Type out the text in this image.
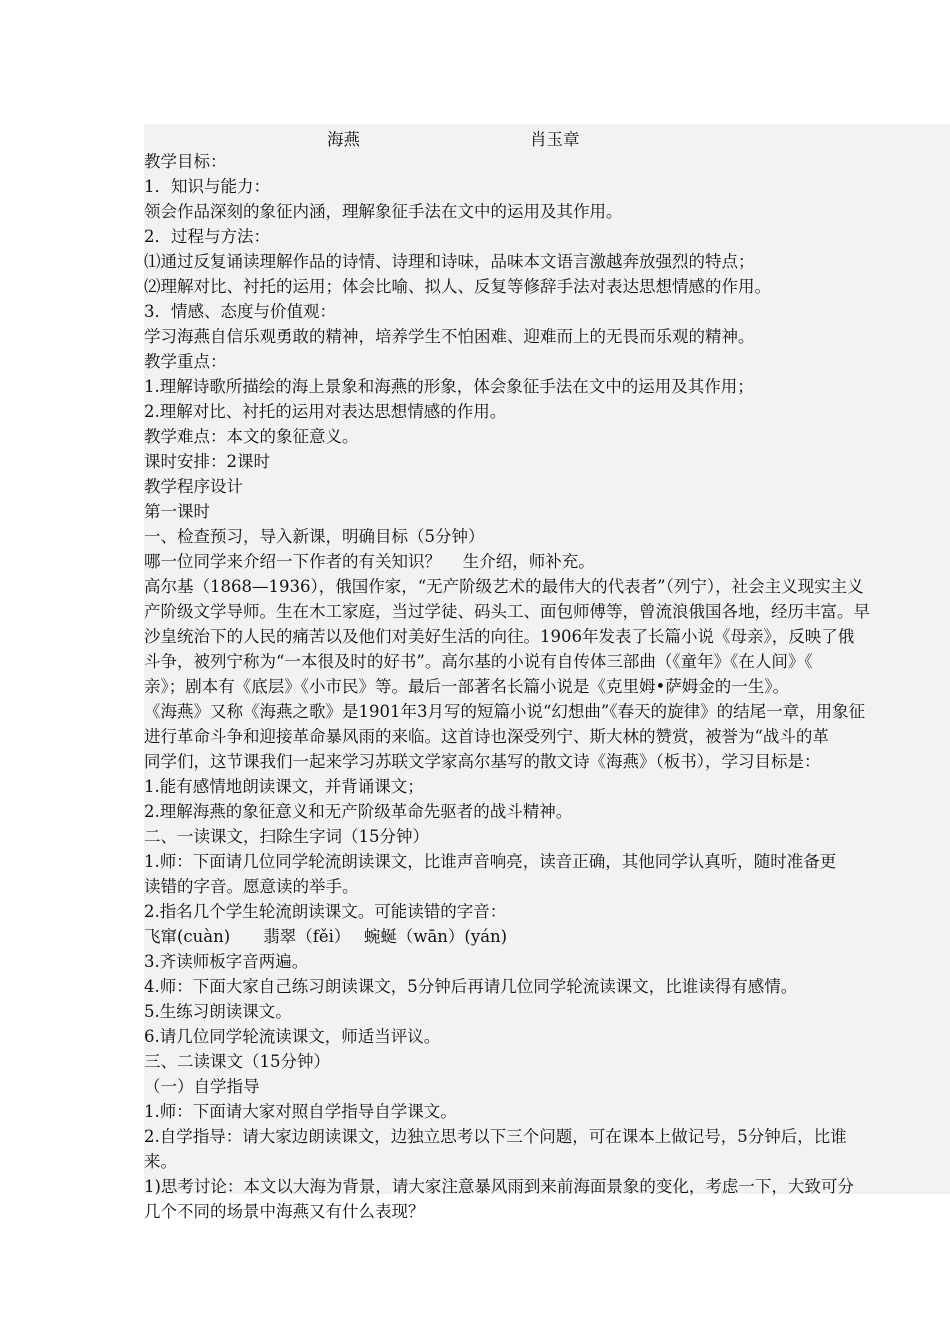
海燕	肖玉章
教学目标：
1．知识与能力：
领会作品深刻的象征内涵，理解象征手法在文中的运用及其作用。
2．过程与方法：
⑴通过反复诵读理解作品的诗情、诗理和诗味，品味本文语言激越奔放强烈的特点；
⑵理解对比、衬托的运用；体会比喻、拟人、反复等修辞手法对表达思想情感的作用。
3．情感、态度与价值观：
学习海燕自信乐观勇敢的精神，培养学生不怕困难、迎难而上的无畏而乐观的精神。
教学重点：
1.理解诗歌所描绘的海上景象和海燕的形象，体会象征手法在文中的运用及其作用；
2.理解对比、衬托的运用对表达思想情感的作用。
教学难点：本文的象征意义。
课时安排：2课时
教学程序设计
第一课时
一、检查预习，导入新课，明确目标（5分钟）
哪一位同学来介绍一下作者的有关知识？　 生介绍，师补充。
高尔基（1868—1936），俄国作家，“无产阶级艺术的最伟大的代表者”（列宁），社会主义现实主义
产阶级文学导师。生在木工家庭，当过学徒、码头工、面包师傅等，曾流浪俄国各地，经历丰富。早
沙皇统治下的人民的痛苦以及他们对美好生活的向往。1906年发表了长篇小说《母亲》，反映了俄
斗争，被列宁称为“一本很及时的好书”。高尔基的小说有自传体三部曲（《童年》《在人间》《
亲》；剧本有《底层》《小市民》等。最后一部著名长篇小说是《克里姆•萨姆金的一生》。
《海燕》又称《海燕之歌》是1901年3月写的短篇小说“幻想曲”《春天的旋律》的结尾一章，用象征
进行革命斗争和迎接革命暴风雨的来临。这首诗也深受列宁、斯大林的赞赏，被誉为“战斗的革
同学们，这节课我们一起来学习苏联文学家高尔基写的散文诗《海燕》（板书），学习目标是：
1.能有感情地朗读课文，并背诵课文；
2.理解海燕的象征意义和无产阶级革命先驱者的战斗精神。
二、一读课文，扫除生字词（15分钟）
1.师：下面请几位同学轮流朗读课文，比谁声音响亮，读音正确，其他同学认真听，随时准备更
读错的字音。愿意读的举手。
2.指名几个学生轮流朗读课文。可能读错的字音：
飞窜(cuàn)　　翡翠（fěi）　 蜿蜒（wān）(yán)
3.齐读师板字音两遍。
4.师：下面大家自己练习朗读课文，5分钟后再请几位同学轮流读课文，比谁读得有感情。
5.生练习朗读课文。
6.请几位同学轮流读课文，师适当评议。
三、二读课文（15分钟）
（一）自学指导
1.师：下面请大家对照自学指导自学课文。
2.自学指导：请大家边朗读课文，边独立思考以下三个问题，可在课本上做记号，5分钟后，比谁
来。
1)思考讨论：本文以大海为背景，请大家注意暴风雨到来前海面景象的变化，考虑一下，大致可分
几个不同的场景中海燕又有什么表现？
